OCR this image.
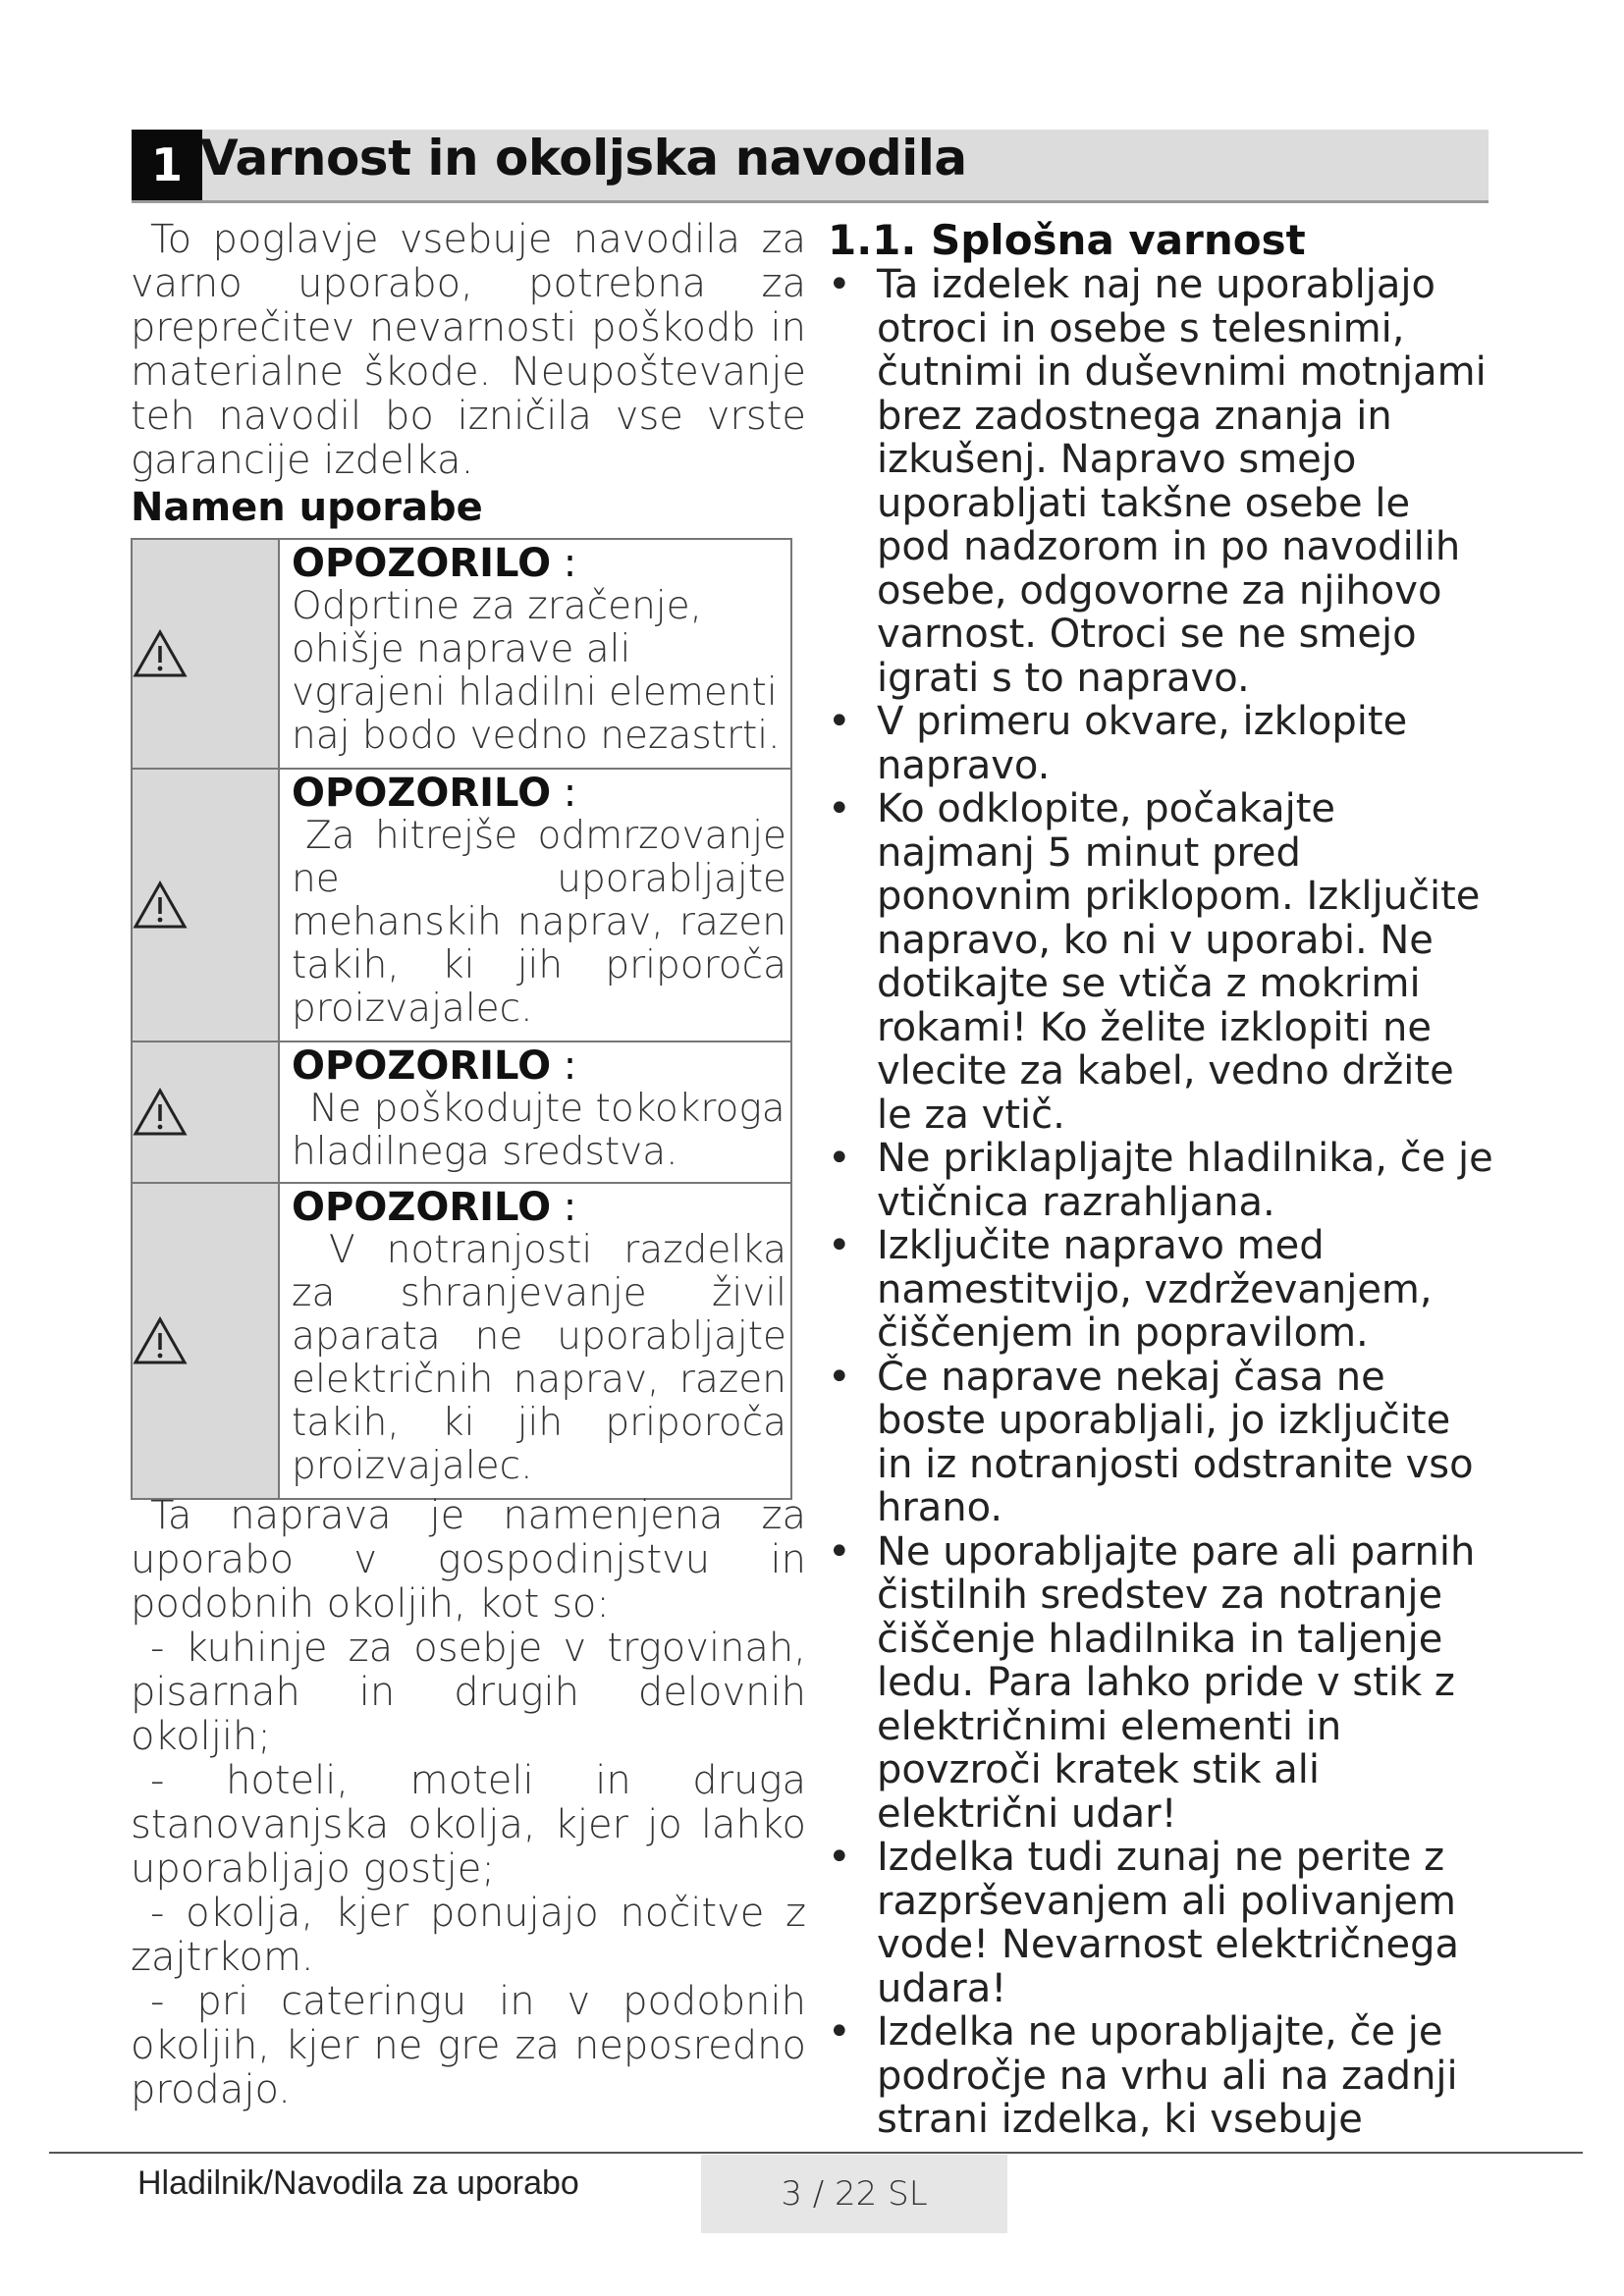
1 Varnost in okoljska navodila

To poglavje vsebuje navodila za varno uporabo, potrebna za preprečitev nevarnosti poškodb in materialne škode. Neupoštevanje teh navodil bo izničila vse vrste garancije izdelka.

Namen uporabe

OPOZORILO :

Odprtine za zračenje, ohišje naprave ali vgrajeni hladilni elementi naj bodo vedno nezastrti.

OPOZORILO :

Za hitrejše odmrzovanje ne uporabljajte mehanskih naprav, razen takih, ki jih priporoča proizvajalec.

OPOZORILO :

Ne poškodujte tokokroga hladilnega sredstva.

OPOZORILO :

V notranjosti razdelka za shranjevanje živil aparata ne uporabljajte električnih naprav, razen takih, ki jih priporoča proizvajalec.

Ta naprava je namenjena za uporabo v gospodinjstvu in podobnih okoljih, kot so:

- kuhinje za osebje v trgovinah, pisarnah in drugih delovnih okoljih;

- hoteli, moteli in druga stanovanjska okolja, kjer jo lahko uporabljajo gostje;

- okolja, kjer ponujajo nočitve z zajtrkom.

- pri cateringu in v podobnih okoljih, kjer ne gre za neposredno prodajo.

1.1. Splošna varnost

• Ta izdelek naj ne uporabljajo otroci in osebe s telesnimi, čutnimi in duševnimi motnjami brez zadostnega znanja in izkušenj. Napravo smejo uporabljati takšne osebe le pod nadzorom in po navodilih osebe, odgovorne za njihovo varnost. Otroci se ne smejo igrati s to napravo.
• V primeru okvare, izklopite napravo.
• Ko odklopite, počakajte najmanj 5 minut pred ponovnim priklopom. Izključite napravo, ko ni v uporabi. Ne dotikajte se vtiča z mokrimi rokami! Ko želite izklopiti ne vlecite za kabel, vedno držite le za vtič.
• Ne priklapljajte hladilnika, če je vtičnica razrahljana.
• Izključite napravo med namestitvijo, vzdrževanjem, čiščenjem in popravilom.
• Če naprave nekaj časa ne boste uporabljali, jo izključite in iz notranjosti odstranite vso hrano.
• Ne uporabljajte pare ali parnih čistilnih sredstev za notranje čiščenje hladilnika in taljenje ledu. Para lahko pride v stik z električnimi elementi in povzroči kratek stik ali električni udar!
• Izdelka tudi zunaj ne perite z razprševanjem ali polivanjem vode! Nevarnost električnega udara!
• Izdelka ne uporabljajte, če je področje na vrhu ali na zadnji strani izdelka, ki vsebuje
Hladilnik/Navodila za uporabo	3 / 22 SL
